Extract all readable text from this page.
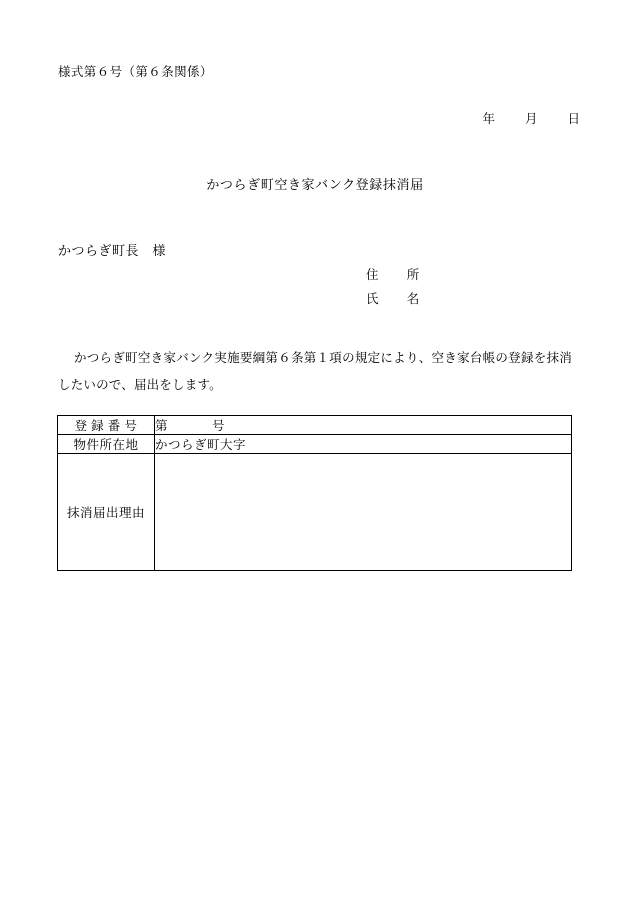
様式第６号（第６条関係）
年 月 日
かつらぎ町空き家バンク登録抹消届
かつらぎ町長　様
住 所
氏 名
かつらぎ町空き家バンク実施要綱第６条第１項の規定により、空き家台帳の登録を抹消したいので、届出をします。
登 録 番 号	第 号

物件所在地	かつらぎ町大字
抹消届出理由	
